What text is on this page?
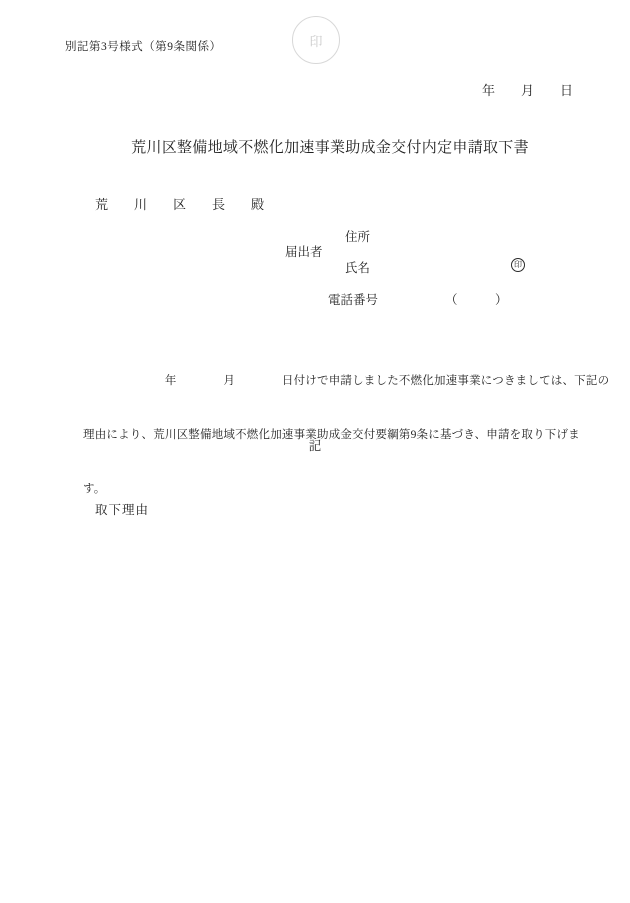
別記第3号様式（第9条関係）	印
年　　月　　日
荒川区整備地域不燃化加速事業助成金交付内定申請取下書
荒　　川　　区　　長　　殿
届出者
住所
氏名	印
電話番号	（　　　）

　　　　　　　年　　　　月　　　　日付けで申請しました不燃化加速事業につきましては、下記の

理由により、荒川区整備地域不燃化加速事業助成金交付要綱第9条に基づき、申請を取り下げま

す。

記
取下理由
